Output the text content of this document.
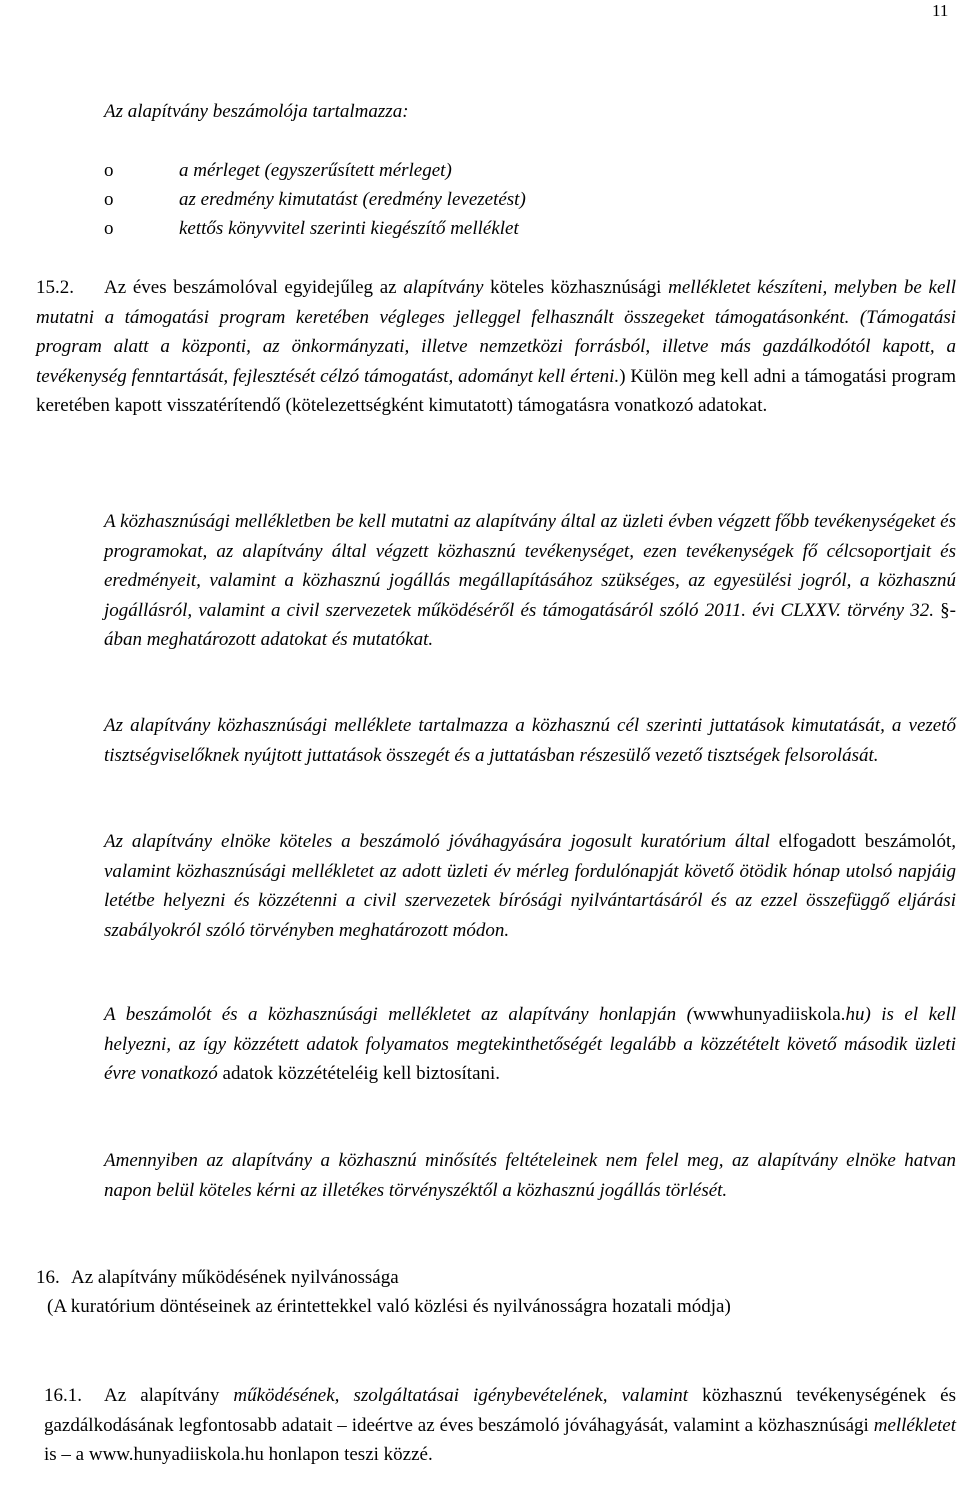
11
Az alapítvány beszámolója tartalmazza:
o	a mérleget (egyszerűsített mérleget)
o	az eredmény kimutatást (eredmény levezetést)
o	kettős könyvvitel szerinti kiegészítő melléklet

15.2. Az éves beszámolóval egyidejűleg az alapítvány köteles közhasznúsági mellékletet készíteni, melyben be kell mutatni a támogatási program keretében végleges jelleggel felhasznált összegeket támogatásonként. (Támogatási program alatt a központi, az önkormányzati, illetve nemzetközi forrásból, illetve más gazdálkodótól kapott, a tevékenység fenntartását, fejlesztését célzó támogatást, adományt kell érteni.) Külön meg kell adni a támogatási program keretében kapott visszatérítendő (kötelezettségként kimutatott) támogatásra vonatkozó adatokat.

A közhasznúsági mellékletben be kell mutatni az alapítvány által az üzleti évben végzett főbb tevékenységeket és programokat, az alapítvány által végzett közhasznú tevékenységet, ezen tevékenységek fő célcsoportjait és eredményeit, valamint a közhasznú jogállás megállapításához szükséges, az egyesülési jogról, a közhasznú jogállásról, valamint a civil szervezetek működéséről és támogatásáról szóló 2011. évi CLXXV. törvény 32. §-ában meghatározott adatokat és mutatókat.

Az alapítvány közhasznúsági melléklete tartalmazza a közhasznú cél szerinti juttatások kimutatását, a vezető tisztségviselőknek nyújtott juttatások összegét és a juttatásban részesülő vezető tisztségek felsorolását.

Az alapítvány elnöke köteles a beszámoló jóváhagyására jogosult kuratórium által elfogadott beszámolót, valamint közhasznúsági mellékletet az adott üzleti év mérleg fordulónapját követő ötödik hónap utolsó napjáig letétbe helyezni és közzétenni a civil szervezetek bírósági nyilvántartásáról és az ezzel összefüggő eljárási szabályokról szóló törvényben meghatározott módon.

A beszámolót és a közhasznúsági mellékletet az alapítvány honlapján (wwwhunyadiiskola.hu) is el kell helyezni, az így közzétett adatok folyamatos megtekinthetőségét legalább a közzétételt követő második üzleti évre vonatkozó adatok közzétételéig kell biztosítani.

Amennyiben az alapítvány a közhasznú minősítés feltételeinek nem felel meg, az alapítvány elnöke hatvan napon belül köteles kérni az illetékes törvényszéktől a közhasznú jogállás törlését.

16. Az alapítvány működésének nyilvánossága

(A kuratórium döntéseinek az érintettekkel való közlési és nyilvánosságra hozatali módja)

16.1. Az alapítvány működésének, szolgáltatásai igénybevételének, valamint közhasznú tevékenységének és gazdálkodásának legfontosabb adatait – ideértve az éves beszámoló jóváhagyását, valamint a közhasznúsági mellékletet is – a www.hunyadiiskola.hu honlapon teszi közzé.
